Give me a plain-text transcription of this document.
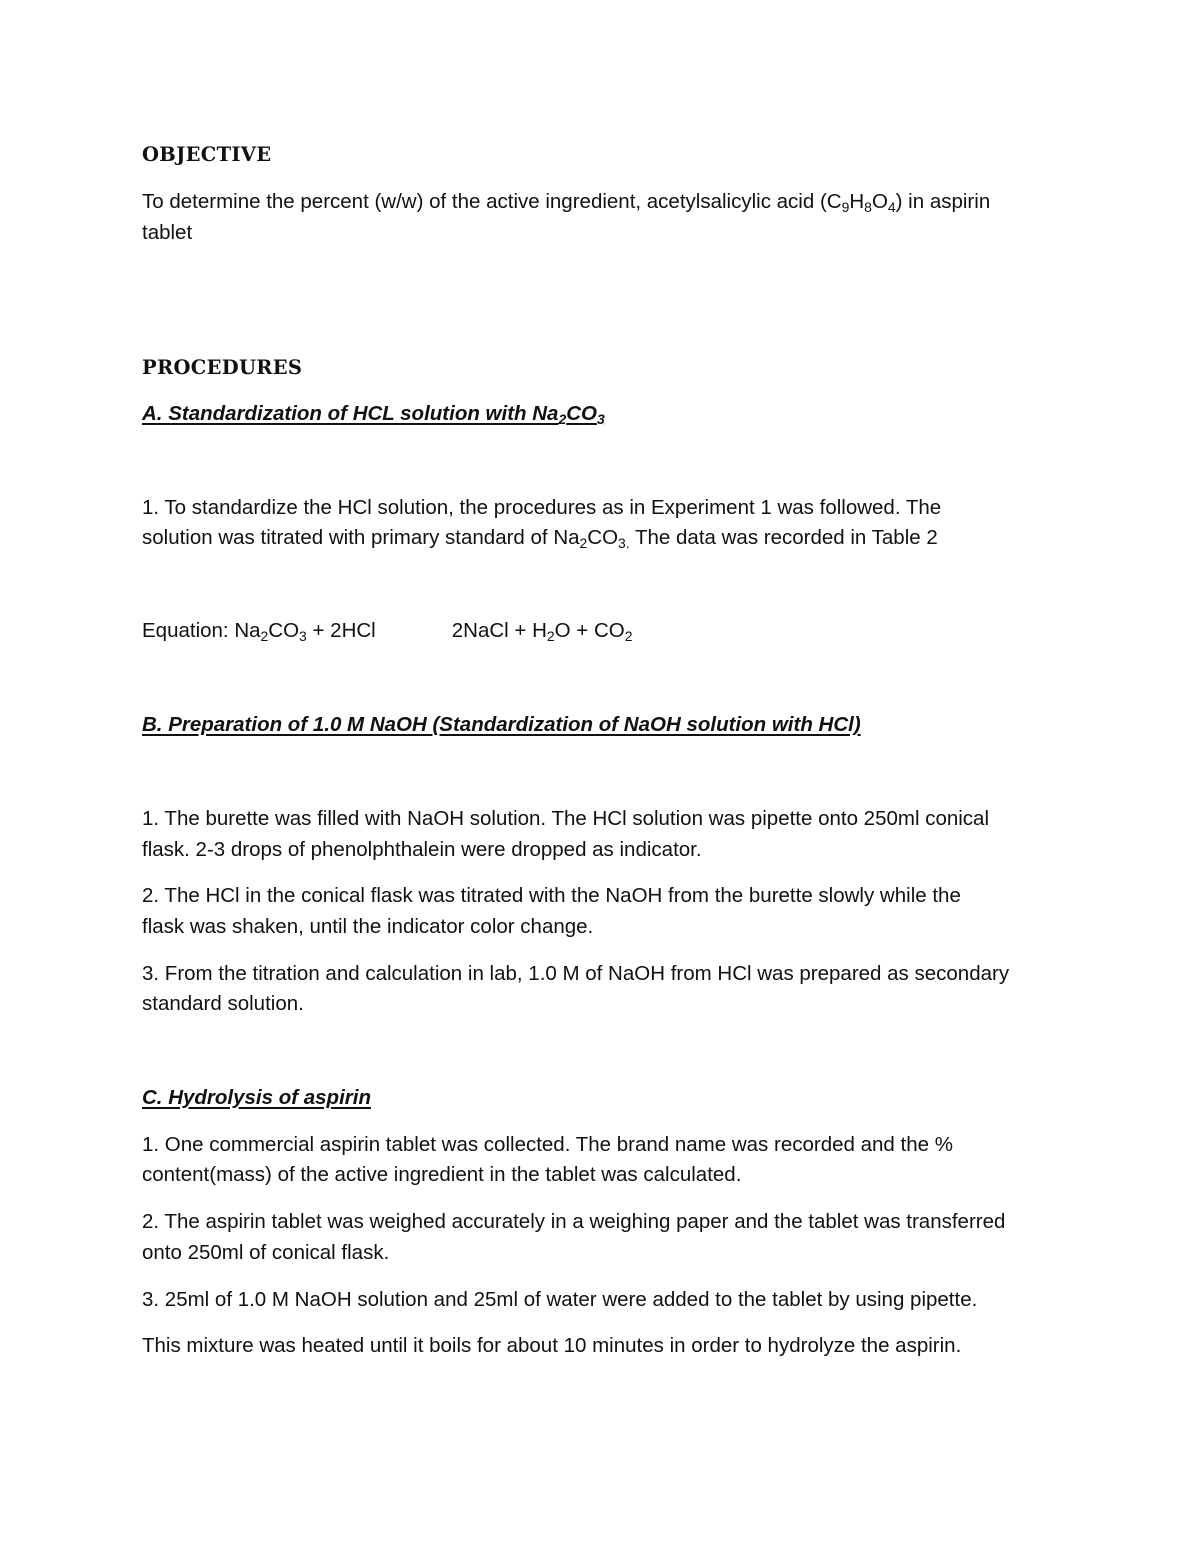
OBJECTIVE
To determine the percent (w/w) of the active ingredient, acetylsalicylic acid $(C_9H_8O_4)$ in aspirin
tablet
PROCEDURES
A. Standardization of HCL solution with $Na_2CO_3$
1. To standardize the HCl solution, the procedures as in Experiment 1 was followed. The
solution was titrated with primary standard of $Na_2CO_{3.}$ The data was recorded in Table 2
Equation: $Na_2CO_3 + 2HCl$	2NaCl + $H_2O + CO_2$
B. Preparation of 1.0 M NaOH (Standardization of NaOH solution with HCl)
1. The burette was filled with NaOH solution. The HCl solution was pipette onto 250ml conical
flask. 2-3 drops of phenolphthalein were dropped as indicator.
2. The HCl in the conical flask was titrated with the NaOH from the burette slowly while the
flask was shaken, until the indicator color change.
3. From the titration and calculation in lab, 1.0 M of NaOH from HCl was prepared as secondary
standard solution.
C. Hydrolysis of aspirin
1. One commercial aspirin tablet was collected. The brand name was recorded and the %
content(mass) of the active ingredient in the tablet was calculated.
2. The aspirin tablet was weighed accurately in a weighing paper and the tablet was transferred
onto 250ml of conical flask.
3. 25ml of 1.0 M NaOH solution and 25ml of water were added to the tablet by using pipette.
This mixture was heated until it boils for about 10 minutes in order to hydrolyze the aspirin.
